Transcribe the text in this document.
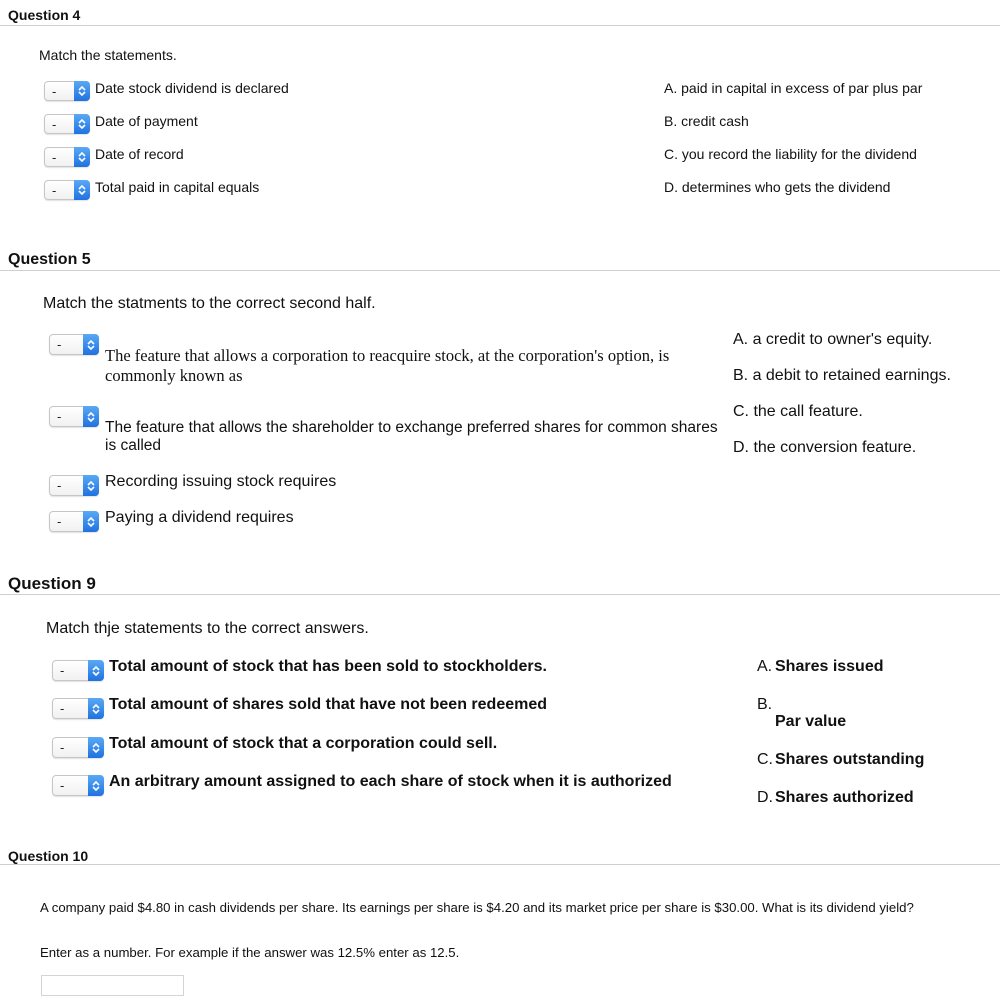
Question 4
Match the statements.
-	Date stock dividend is declared
-	Date of payment
-	Date of record
-	Total paid in capital equals
A. paid in capital in excess of par plus par
B. credit cash
C. you record the liability for the dividend
D. determines who gets the dividend
Question 5
Match the statments to the correct second half.
-
The feature that allows a corporation to reacquire stock, at the corporation's option, is
commonly known as
-
The feature that allows the shareholder to exchange preferred shares for common shares
is called
-	Recording issuing stock requires
-	Paying a dividend requires
A. a credit to owner's equity.
B. a debit to retained earnings.
C. the call feature.
D. the conversion feature.
Question 9
Match thje statements to the correct answers.
-	Total amount of stock that has been sold to stockholders.
-	Total amount of shares sold that have not been redeemed
-	Total amount of stock that a corporation could sell.
-	An arbitrary amount assigned to each share of stock when it is authorized
A. Shares issued
B.
Par value
C. Shares outstanding
D. Shares authorized
Question 10
A company paid $4.80 in cash dividends per share. Its earnings per share is $4.20 and its market price per share is $30.00. What is its dividend yield?
Enter as a number. For example if the answer was 12.5% enter as 12.5.
